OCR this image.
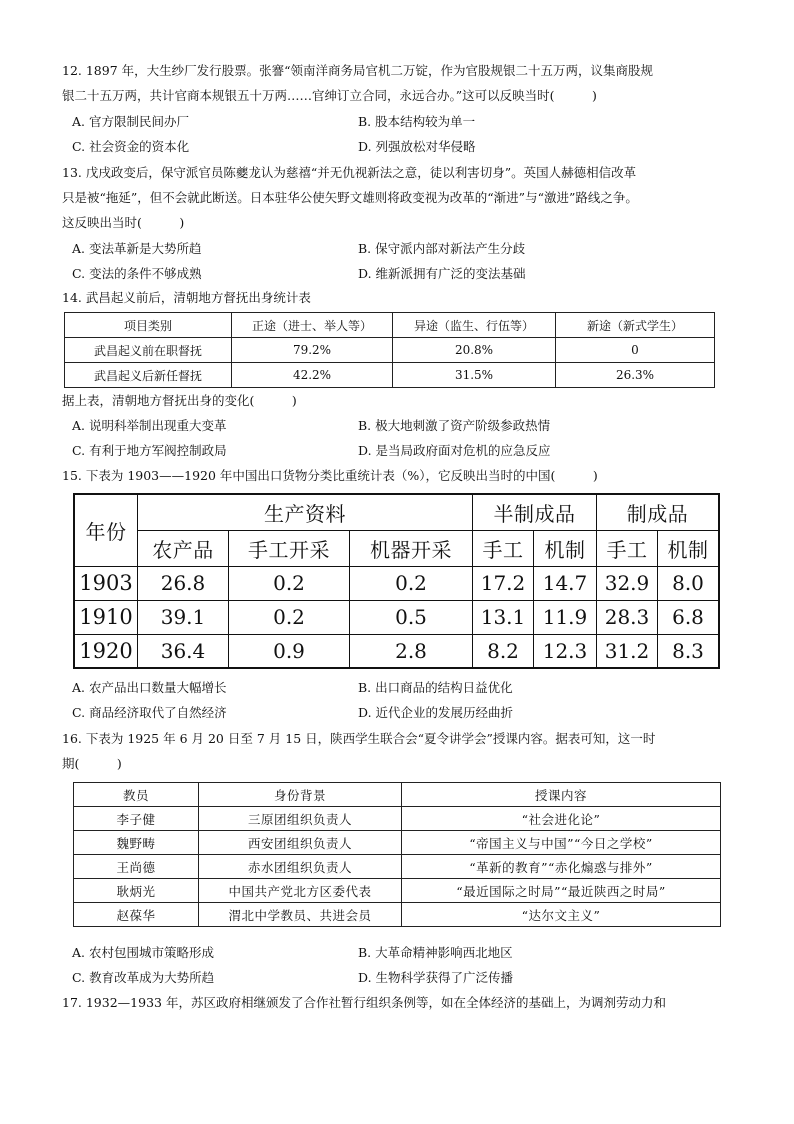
12. 1897 年，大生纱厂发行股票。张謇“领南洋商务局官机二万锭，作为官股规银二十五万两，议集商股规
银二十五万两，共计官商本规银五十万两……官绅订立合同，永远合办。”这可以反映当时(　　　)
A. 官方限制民间办厂	B. 股本结构较为单一
C. 社会资金的资本化	D. 列强放松对华侵略
13. 戊戌政变后，保守派官员陈夔龙认为慈禧“并无仇视新法之意，徒以利害切身”。英国人赫德相信改革
只是被“拖延”，但不会就此断送。日本驻华公使矢野文雄则将政变视为改革的“渐进”与“激进”路线之争。
这反映出当时(　　　)
A. 变法革新是大势所趋	B. 保守派内部对新法产生分歧
C. 变法的条件不够成熟	D. 维新派拥有广泛的变法基础
14. 武昌起义前后，清朝地方督抚出身统计表
项目类别	正途（进士、举人等）	异途（监生、行伍等）	新途（新式学生）
武昌起义前在职督抚	79.2%	20.8%	0
武昌起义后新任督抚	42.2%	31.5%	26.3%
据上表，清朝地方督抚出身的变化(　　　)
A. 说明科举制出现重大变革	B. 极大地刺激了资产阶级参政热情
C. 有利于地方军阀控制政局	D. 是当局政府面对危机的应急反应
15. 下表为 1903——1920 年中国出口货物分类比重统计表（%），它反映出当时的中国(　　　)
年份	生产资料			半制成品		制成品	
	农产品	手工开采	机器开采	手工	机制	手工	机制
1903	26.8	0.2	0.2	17.2	14.7	32.9	8.0
1910	39.1	0.2	0.5	13.1	11.9	28.3	6.8
1920	36.4	0.9	2.8	8.2	12.3	31.2	8.3
A. 农产品出口数量大幅增长	B. 出口商品的结构日益优化
C. 商品经济取代了自然经济	D. 近代企业的发展历经曲折
16. 下表为 1925 年 6 月 20 日至 7 月 15 日，陕西学生联合会“夏令讲学会”授课内容。据表可知，这一时
期(　　　)
教员	身份背景	授课内容
李子健	三原团组织负责人	“社会进化论”
魏野畴	西安团组织负责人	“帝国主义与中国”“今日之学校”
王尚德	赤水团组织负责人	“革新的教育”“赤化煽惑与排外”
耿炳光	中国共产党北方区委代表	“最近国际之时局”“最近陕西之时局”
赵葆华	渭北中学教员、共进会员	“达尔文主义”
A. 农村包围城市策略形成	B. 大革命精神影响西北地区
C. 教育改革成为大势所趋	D. 生物科学获得了广泛传播
17. 1932—1933 年，苏区政府相继颁发了合作社暂行组织条例等，如在全体经济的基础上，为调剂劳动力和
